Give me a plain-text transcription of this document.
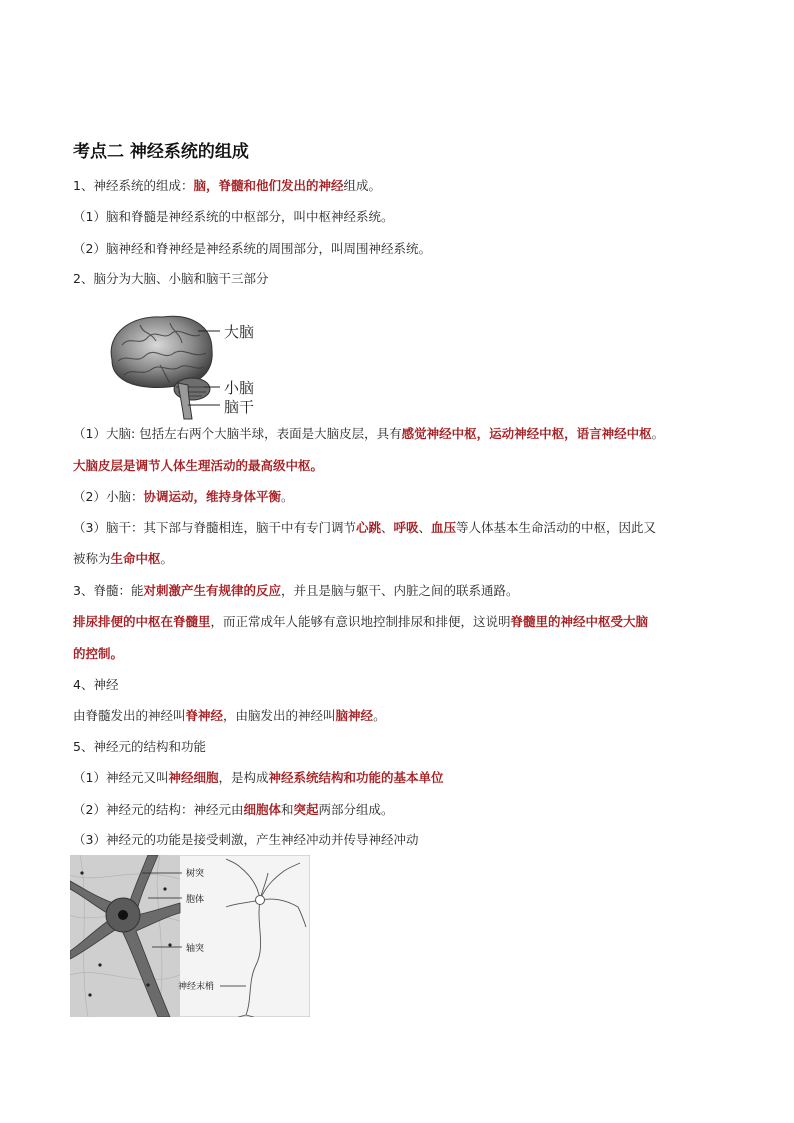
考点二 神经系统的组成
1、神经系统的组成：脑，脊髓和他们发出的神经组成。
（1）脑和脊髓是神经系统的中枢部分，叫中枢神经系统。
（2）脑神经和脊神经是神经系统的周围部分，叫周围神经系统。
2、脑分为大脑、小脑和脑干三部分
大脑
小脑
脑干
（1）大脑: 包括左右两个大脑半球，表面是大脑皮层，具有感觉神经中枢，运动神经中枢，语言神经中枢。
大脑皮层是调节人体生理活动的最高级中枢。
（2）小脑：协调运动，维持身体平衡。
（3）脑干：其下部与脊髓相连，脑干中有专门调节心跳、呼吸、血压等人体基本生命活动的中枢，因此又
被称为生命中枢。
3、脊髓：能对刺激产生有规律的反应，并且是脑与躯干、内脏之间的联系通路。
排尿排便的中枢在脊髓里，而正常成年人能够有意识地控制排尿和排便，这说明脊髓里的神经中枢受大脑
的控制。
4、神经
由脊髓发出的神经叫脊神经，由脑发出的神经叫脑神经。
5、神经元的结构和功能
（1）神经元又叫神经细胞，是构成神经系统结构和功能的基本单位
（2）神经元的结构：神经元由细胞体和突起两部分组成。
（3）神经元的功能是接受刺激，产生神经冲动并传导神经冲动
树突
胞体
轴突
神经末梢
